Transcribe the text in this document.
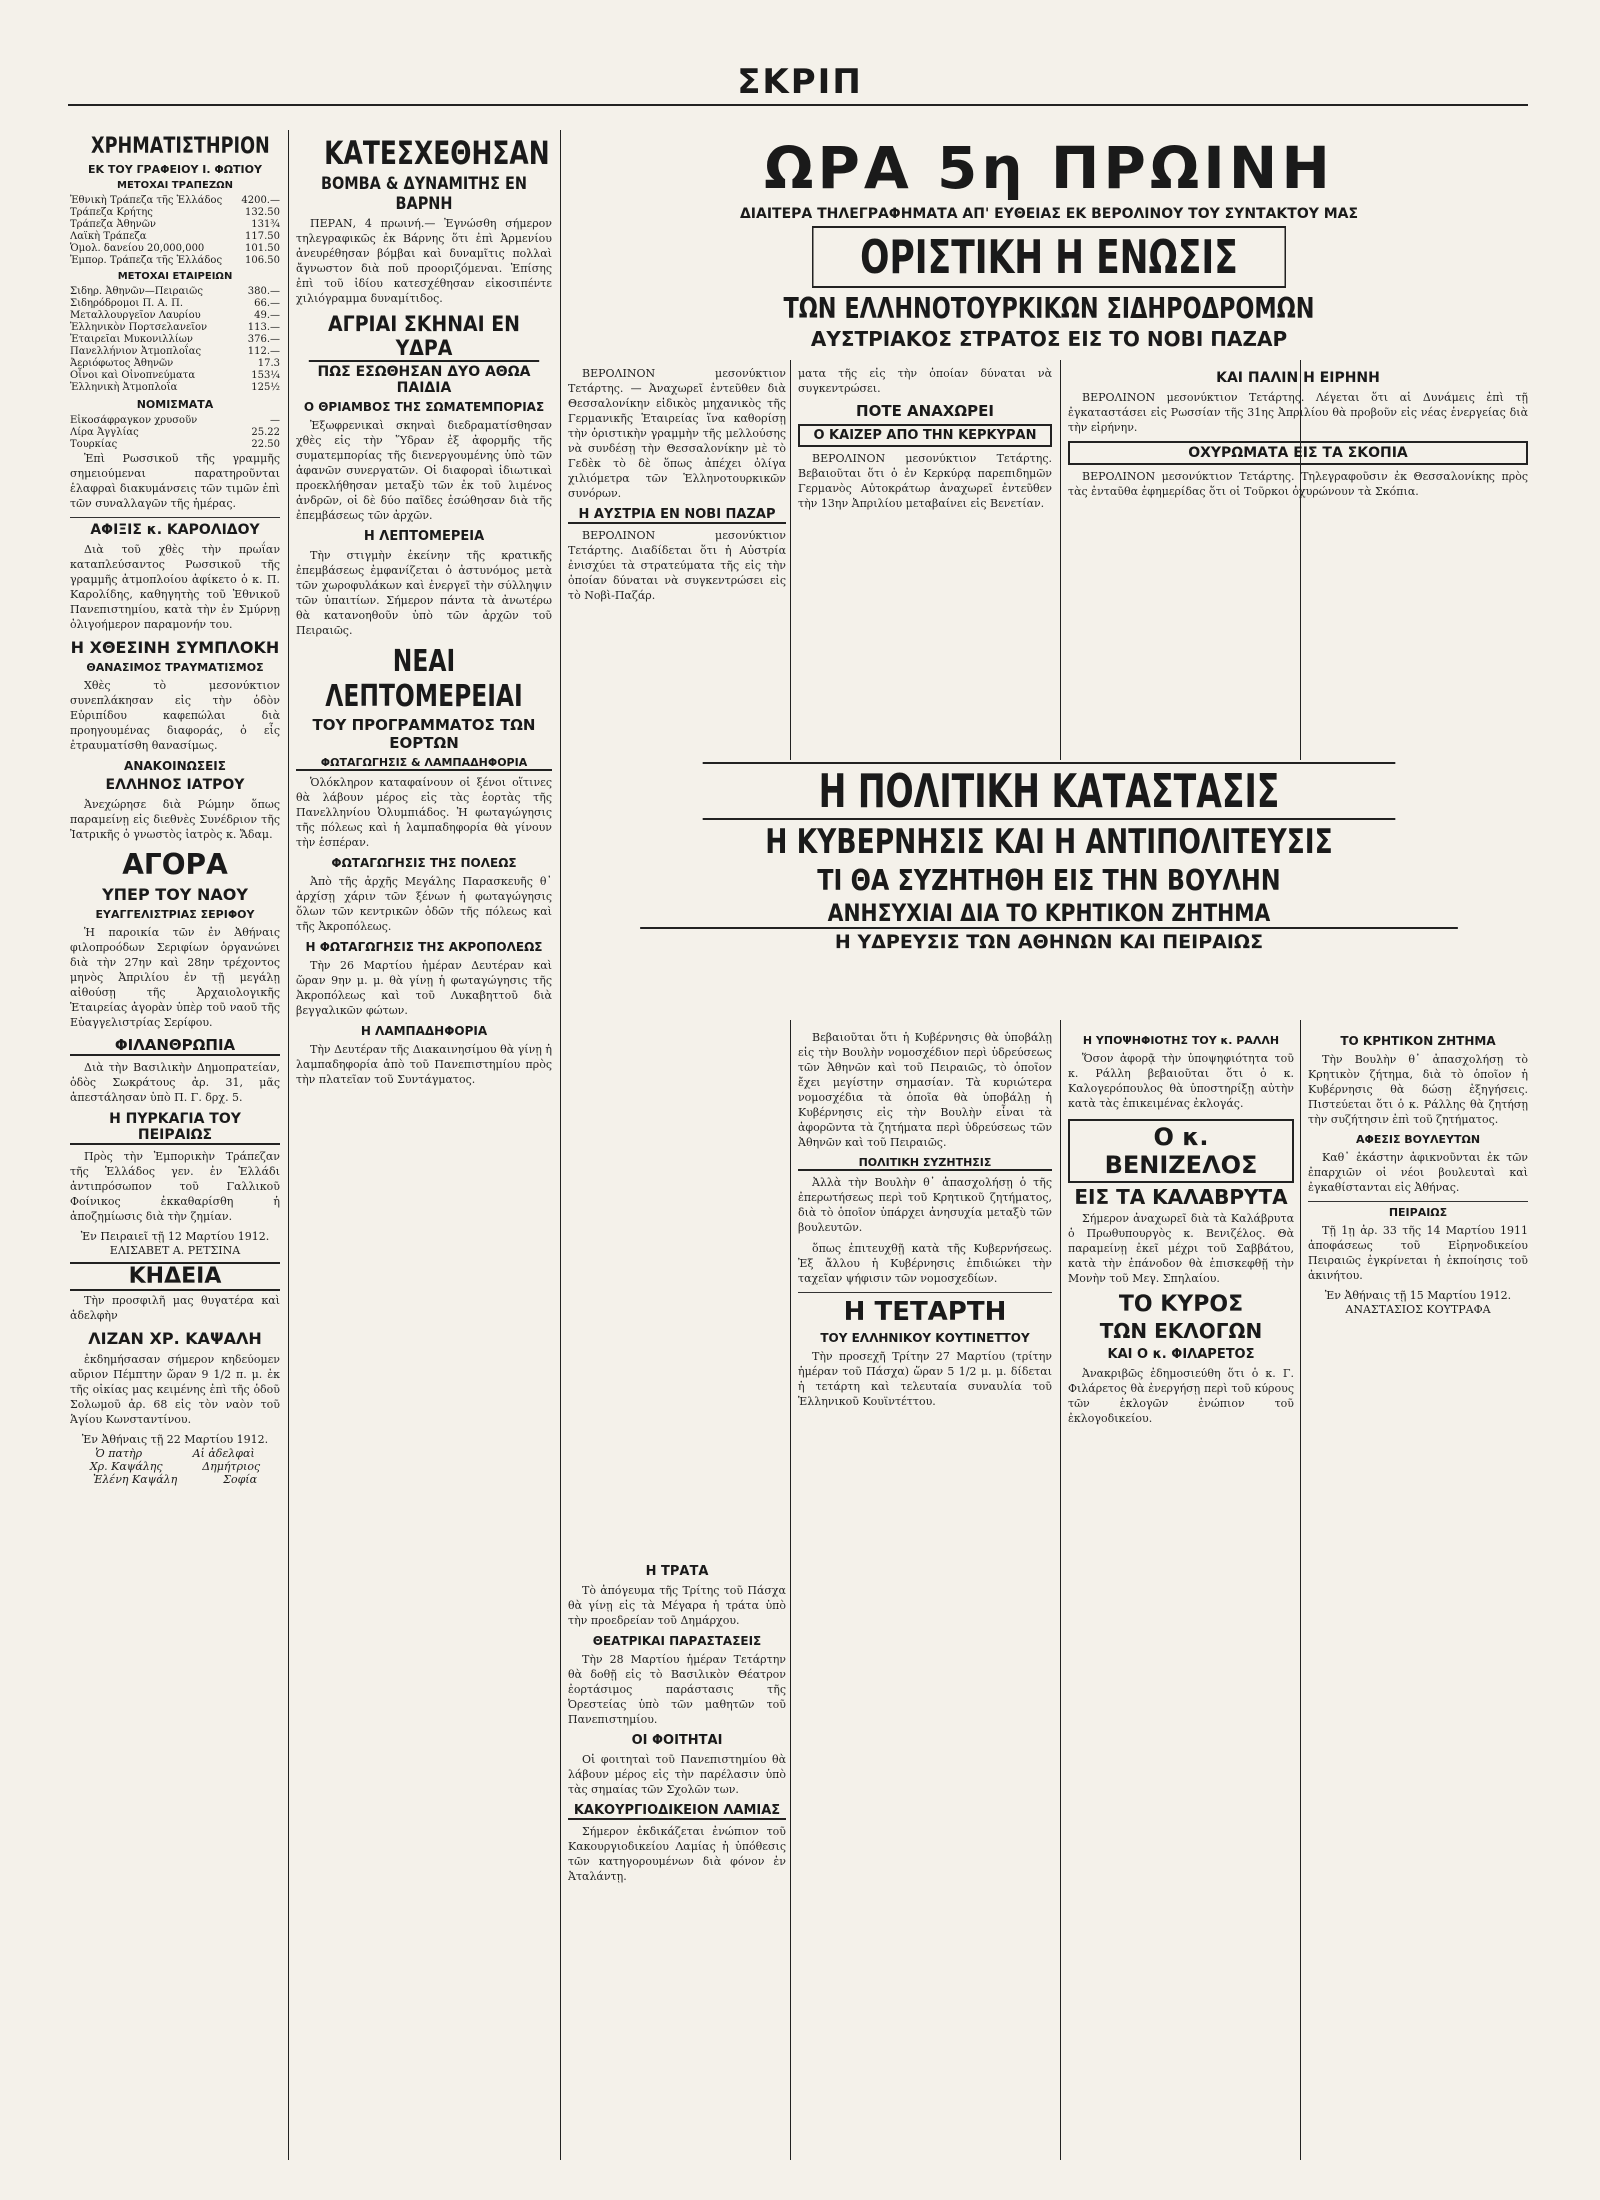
ΣΚΡΙΠ
ΧΡΗΜΑΤΙΣΤΗΡΙΟΝ
ΕΚ ΤΟΥ ΓΡΑΦΕΙΟΥ Ι. ΦΩΤΙΟΥ
ΜΕΤΟΧΑΙ ΤΡΑΠΕΖΩΝ
Ἐθνικὴ Τράπεζα τῆς Ἑλλάδος 4200.—
Τράπεζα Κρήτης	132.50
Τράπεζα Ἀθηνῶν	131¾
Λαϊκὴ Τράπεζα	117.50
Ὁμολ. δανείου 20,000,000	101.50
Ἐμπορ. Τράπεζα τῆς Ἑλλάδος 106.50
ΜΕΤΟΧΑΙ ΕΤΑΙΡΕΙΩΝ
Σιδηρ. Ἀθηνῶν—Πειραιῶς	380.—
Σιδηρόδρομοι Π. Α. Π.	66.—
Μεταλλουργεῖον Λαυρίου	49.—
Ἑλληνικὸν Πορτσελανεῖον	113.—
Ἐταιρεῖαι Μυκονιλλίων	376.—
Πανελλήνιον Ἀτμοπλοΐας	112.—
Ἀεριόφωτος Ἀθηνῶν	17.3
Οἶνοι καὶ Οἰνοπνεύματα	153¼
Ἑλληνικὴ Ἀτμοπλοΐα	125½
ΝΟΜΙΣΜΑΤΑ
Εἰκοσάφραγκον χρυσοῦν	—
Λίρα Ἀγγλίας	25.22
Τουρκίας	22.50

Ἐπὶ Ρωσσικοῦ τῆς γραμμῆς σημειούμεναι παρατηροῦνται ἑλαφραὶ διακυμάνσεις τῶν τιμῶν ἐπὶ τῶν συναλλαγῶν τῆς ἡμέρας.

ΑΦΙΞΙΣ κ. ΚΑΡΟΛΙΔΟΥ

Διὰ τοῦ χθὲς τὴν πρωΐαν καταπλεύσαντος Ρωσσικοῦ τῆς γραμμῆς ἀτμοπλοίου ἀφίκετο ὁ κ. Π. Καρολίδης, καθηγητὴς τοῦ Ἐθνικοῦ Πανεπιστημίου, κατὰ τὴν ἐν Σμύρνῃ ὀλιγοήμερον παραμονήν του.

Η ΧΘΕΣΙΝΗ ΣΥΜΠΛΟΚΗ
ΘΑΝΑΣΙΜΟΣ ΤΡΑΥΜΑΤΙΣΜΟΣ

Χθὲς τὸ μεσονύκτιον συνεπλάκησαν εἰς τὴν ὁδὸν Εὐριπίδου καφεπώλαι διὰ προηγουμένας διαφοράς, ὁ εἷς ἐτραυματίσθη θανασίμως.

ΑΝΑΚΟΙΝΩΣΕΙΣ
ΕΛΛΗΝΟΣ ΙΑΤΡΟΥ

Ἀνεχώρησε διὰ Ρώμην ὅπως παραμείνῃ εἰς διεθνὲς Συνέδριον τῆς Ἰατρικῆς ὁ γνωστὸς ἰατρὸς κ. Ἄδαμ.

ΑΓΟΡΑ
ΥΠΕΡ ΤΟΥ ΝΑΟΥ
ΕΥΑΓΓΕΛΙΣΤΡΙΑΣ ΣΕΡΙΦΟΥ

Ἡ παροικία τῶν ἐν Ἀθήναις φιλοπροόδων Σεριφίων ὀργανώνει διὰ τὴν 27ην καὶ 28ην τρέχοντος μηνὸς Ἀπριλίου ἐν τῇ μεγάλῃ αἰθούσῃ τῆς Ἀρχαιολογικῆς Ἑταιρείας ἀγορὰν ὑπὲρ τοῦ ναοῦ τῆς Εὐαγγελιστρίας Σερίφου.

ΦΙΛΑΝΘΡΩΠΙΑ

Διὰ τὴν Βασιλικὴν Δημοπρατείαν, ὁδὸς Σωκράτους ἀρ. 31, μᾶς ἀπεστάλησαν ὑπὸ Π. Γ. δρχ. 5.

Η ΠΥΡΚΑΓΙΑ ΤΟΥ ΠΕΙΡΑΙΩΣ

Πρὸς τὴν Ἐμπορικὴν Τράπεζαν τῆς Ἑλλάδος γεν. ἐν Ἑλλάδι ἀντιπρόσωπον τοῦ Γαλλικοῦ Φοίνικος ἐκκαθαρίσθη ἡ ἀποζημίωσις διὰ τὴν ζημίαν.

Ἐν Πειραιεῖ τῇ 12 Μαρτίου 1912.
ΕΛΙΣΑΒΕΤ Α. ΡΕΤΣΙΝΑ
ΚΗΔΕΙΑ

Τὴν προσφιλῆ μας θυγατέρα καὶ ἀδελφὴν

ΛΙΖΑΝ ΧΡ. ΚΑΨΑΛΗ

ἐκδημήσασαν σήμερον κηδεύομεν αὔριον Πέμπτην ὥραν 9 1/2 π. μ. ἐκ τῆς οἰκίας μας κειμένης ἐπὶ τῆς ὁδοῦ Σολωμοῦ ἀρ. 68 εἰς τὸν ναὸν τοῦ Ἁγίου Κωνσταντίνου.

Ἐν Ἀθήναις τῇ 22 Μαρτίου 1912.
Ὁ πατὴρ	Αἱ ἀδελφαὶ
Χρ. Καψάλης	Δημήτριος
Ἐλένη Καψάλη	Σοφία
ΚΑΤΕΣΧΕΘΗΣΑΝ
ΒΟΜΒΑ & ΔΥΝΑΜΙΤΗΣ ΕΝ ΒΑΡΝΗ

ΠΕΡΑΝ, 4 πρωινή.— Ἐγνώσθη σήμερον τηλεγραφικῶς ἐκ Βάρνης ὅτι ἐπὶ Ἀρμενίου ἀνευρέθησαν βόμβαι καὶ δυναμῖτις πολλαὶ ἄγνωστον διὰ ποῦ προοριζόμεναι. Ἐπίσης ἐπὶ τοῦ ἰδίου κατεσχέθησαν εἰκοσιπέντε χιλιόγραμμα δυναμίτιδος.

ΑΓΡΙΑΙ ΣΚΗΝΑΙ ΕΝ ΥΔΡΑ
ΠΩΣ ΕΣΩΘΗΣΑΝ ΔΥΟ ΑΘΩΑ ΠΑΙΔΙΑ
Ο ΘΡΙΑΜΒΟΣ ΤΗΣ ΣΩΜΑΤΕΜΠΟΡΙΑΣ

Ἐξωφρενικαὶ σκηναὶ διεδραματίσθησαν χθὲς εἰς τὴν Ὕδραν ἐξ ἀφορμῆς τῆς συματεμπορίας τῆς διενεργουμένης ὑπὸ τῶν ἀφανῶν συνεργατῶν. Οἱ διαφοραὶ ἰδιωτικαὶ προεκλήθησαν μεταξὺ τῶν ἐκ τοῦ λιμένος ἀνδρῶν, οἱ δὲ δύο παῖδες ἐσώθησαν διὰ τῆς ἐπεμβάσεως τῶν ἀρχῶν.

Η ΛΕΠΤΟΜΕΡΕΙΑ

Τὴν στιγμὴν ἐκείνην τῆς κρατικῆς ἐπεμβάσεως ἐμφανίζεται ὁ ἀστυνόμος μετὰ τῶν χωροφυλάκων καὶ ἐνεργεῖ τὴν σύλληψιν τῶν ὑπαιτίων. Σήμερον πάντα τὰ ἀνωτέρω θὰ κατανοηθοῦν ὑπὸ τῶν ἀρχῶν τοῦ Πειραιῶς.

ΝΕΑΙ ΛΕΠΤΟΜΕΡΕΙΑΙ
ΤΟΥ ΠΡΟΓΡΑΜΜΑΤΟΣ ΤΩΝ ΕΟΡΤΩΝ
ΦΩΤΑΓΩΓΗΣΙΣ & ΛΑΜΠΑΔΗΦΟΡΙΑ

Ὁλόκληρον καταφαίνουν οἱ ξένοι οἵτινες θὰ λάβουν μέρος εἰς τὰς ἑορτὰς τῆς Πανελληνίου Ὀλυμπιάδος. Ἡ φωταγώγησις τῆς πόλεως καὶ ἡ λαμπαδηφορία θὰ γίνουν τὴν ἑσπέραν.

ΦΩΤΑΓΩΓΗΣΙΣ ΤΗΣ ΠΟΛΕΩΣ

Ἀπὸ τῆς ἀρχῆς Μεγάλης Παρασκευῆς θ᾽ ἀρχίσῃ χάριν τῶν ξένων ἡ φωταγώγησις ὅλων τῶν κεντρικῶν ὁδῶν τῆς πόλεως καὶ τῆς Ἀκροπόλεως.

Η ΦΩΤΑΓΩΓΗΣΙΣ ΤΗΣ ΑΚΡΟΠΟΛΕΩΣ

Τὴν 26 Μαρτίου ἡμέραν Δευτέραν καὶ ὥραν 9ην μ. μ. θὰ γίνῃ ἡ φωταγώγησις τῆς Ἀκροπόλεως καὶ τοῦ Λυκαβηττοῦ διὰ βεγγαλικῶν φώτων.

Η ΛΑΜΠΑΔΗΦΟΡΙΑ

Τὴν Δευτέραν τῆς Διακαινησίμου θὰ γίνῃ ἡ λαμπαδηφορία ἀπὸ τοῦ Πανεπιστημίου πρὸς τὴν πλατεῖαν τοῦ Συντάγματος.

Η ΤΡΑΤΑ

Τὸ ἀπόγευμα τῆς Τρίτης τοῦ Πάσχα θὰ γίνῃ εἰς τὰ Μέγαρα ἡ τράτα ὑπὸ τὴν προεδρείαν τοῦ Δημάρχου.

ΘΕΑΤΡΙΚΑΙ ΠΑΡΑΣΤΑΣΕΙΣ

Τὴν 28 Μαρτίου ἡμέραν Τετάρτην θὰ δοθῇ εἰς τὸ Βασιλικὸν Θέατρον ἐορτάσιμος παράστασις τῆς Ὀρεστείας ὑπὸ τῶν μαθητῶν τοῦ Πανεπιστημίου.

ΟΙ ΦΟΙΤΗΤΑΙ

Οἱ φοιτηταὶ τοῦ Πανεπιστημίου θὰ λάβουν μέρος εἰς τὴν παρέλασιν ὑπὸ τὰς σημαίας τῶν Σχολῶν των.

ΚΑΚΟΥΡΓΙΟΔΙΚΕΙΟΝ ΛΑΜΙΑΣ

Σήμερον ἐκδικάζεται ἐνώπιον τοῦ Κακουργιοδικείου Λαμίας ἡ ὑπόθεσις τῶν κατηγορουμένων διὰ φόνον ἐν Ἀταλάντῃ.

ΩΡΑ 5η ΠΡΩΙΝΗ
ΔΙΑΙΤΕΡΑ ΤΗΛΕΓΡΑΦΗΜΑΤΑ ΑΠ' ΕΥΘΕΙΑΣ ΕΚ ΒΕΡΟΛΙΝΟΥ ΤΟΥ ΣΥΝΤΑΚΤΟΥ ΜΑΣ
ΟΡΙΣΤΙΚΗ Η ΕΝΩΣΙΣ
ΤΩΝ ΕΛΛΗΝΟΤΟΥΡΚΙΚΩΝ ΣΙΔΗΡΟΔΡΟΜΩΝ
ΑΥΣΤΡΙΑΚΟΣ ΣΤΡΑΤΟΣ ΕΙΣ ΤΟ ΝΟΒΙ ΠΑΖΑΡ

ΒΕΡΟΛΙΝΟΝ μεσονύκτιον Τετάρτης. — Ἀναχωρεῖ ἐντεῦθεν διὰ Θεσσαλονίκην εἰδικὸς μηχανικὸς τῆς Γερμανικῆς Ἑταιρείας ἵνα καθορίσῃ τὴν ὁριστικὴν γραμμὴν τῆς μελλούσης νὰ συνδέσῃ τὴν Θεσσαλονίκην μὲ τὸ Γεδὲκ τὸ δὲ ὅπως ἀπέχει ὀλίγα χιλιόμετρα τῶν Ἑλληνοτουρκικῶν συνόρων.

Η ΑΥΣΤΡΙΑ ΕΝ ΝΟΒΙ ΠΑΖΑΡ

ΒΕΡΟΛΙΝΟΝ μεσονύκτιον Τετάρτης. Διαδίδεται ὅτι ἡ Αὐστρία ἐνισχύει τὰ στρατεύματα τῆς εἰς τὴν ὁποίαν δύναται νὰ συγκεντρώσει εἰς τὸ Νοβὶ-Παζάρ.

ματα τῆς εἰς τὴν ὁποίαν δύναται νὰ συγκεντρώσει.

ΠΟΤΕ ΑΝΑΧΩΡΕΙ
Ο ΚΑΙΖΕΡ ΑΠΟ ΤΗΝ ΚΕΡΚΥΡΑΝ

ΒΕΡΟΛΙΝΟΝ μεσονύκτιον Τετάρτης. Βεβαιοῦται ὅτι ὁ ἐν Κερκύρᾳ παρεπιδημῶν Γερμανὸς Αὐτοκράτωρ ἀναχωρεῖ ἐντεῦθεν τὴν 13ην Ἀπριλίου μεταβαίνει εἰς Βενετίαν.

ΚΑΙ ΠΑΛΙΝ Η ΕΙΡΗΝΗ

ΒΕΡΟΛΙΝΟΝ μεσονύκτιον Τετάρτης. Λέγεται ὅτι αἱ Δυνάμεις ἐπὶ τῇ ἐγκαταστάσει εἰς Ρωσσίαν τῆς 31ης Ἀπριλίου θὰ προβοῦν εἰς νέας ἐνεργείας διὰ τὴν εἰρήνην.

ΟΧΥΡΩΜΑΤΑ ΕΙΣ ΤΑ ΣΚΟΠΙΑ

ΒΕΡΟΛΙΝΟΝ μεσονύκτιον Τετάρτης. Τηλεγραφοῦσιν ἐκ Θεσσαλονίκης πρὸς τὰς ἐνταῦθα ἐφημερίδας ὅτι οἱ Τοῦρκοι ὀχυρώνουν τὰ Σκόπια.

Η ΠΟΛΙΤΙΚΗ ΚΑΤΑΣΤΑΣΙΣ
Η ΚΥΒΕΡΝΗΣΙΣ ΚΑΙ Η ΑΝΤΙΠΟΛΙΤΕΥΣΙΣ
ΤΙ ΘΑ ΣΥΖΗΤΗΘΗ ΕΙΣ ΤΗΝ ΒΟΥΛΗΝ
ΑΝΗΣΥΧΙΑΙ ΔΙΑ ΤΟ ΚΡΗΤΙΚΟΝ ΖΗΤΗΜΑ
Η ΥΔΡΕΥΣΙΣ ΤΩΝ ΑΘΗΝΩΝ ΚΑΙ ΠΕΙΡΑΙΩΣ

Βεβαιοῦται ὅτι ἡ Κυβέρνησις θὰ ὑποβάλῃ εἰς τὴν Βουλὴν νομοσχέδιον περὶ ὑδρεύσεως τῶν Ἀθηνῶν καὶ τοῦ Πειραιῶς, τὸ ὁποῖον ἔχει μεγίστην σημασίαν. Τὰ κυριώτερα νομοσχέδια τὰ ὁποῖα θὰ ὑποβάλῃ ἡ Κυβέρνησις εἰς τὴν Βουλὴν εἶναι τὰ ἀφορῶντα τὰ ζητήματα περὶ ὑδρεύσεως τῶν Ἀθηνῶν καὶ τοῦ Πειραιῶς.

ΠΟΛΙΤΙΚΗ ΣΥΖΗΤΗΣΙΣ

Ἀλλὰ τὴν Βουλὴν θ᾽ ἀπασχολήσῃ ὁ τῆς ἐπερωτήσεως περὶ τοῦ Κρητικοῦ ζητήματος, διὰ τὸ ὁποῖον ὑπάρχει ἀνησυχία μεταξὺ τῶν βουλευτῶν.

ὅπως ἐπιτευχθῇ κατὰ τῆς Κυβερνήσεως. Ἐξ ἄλλου ἡ Κυβέρνησις ἐπιδιώκει τὴν ταχεῖαν ψήφισιν τῶν νομοσχεδίων.

Η ΤΕΤΑΡΤΗ
ΤΟΥ ΕΛΛΗΝΙΚΟΥ ΚΟΥΤΙΝΕΤΤΟΥ

Τὴν προσεχῆ Τρίτην 27 Μαρτίου (τρίτην ἡμέραν τοῦ Πάσχα) ὥραν 5 1/2 μ. μ. δίδεται ἡ τετάρτη καὶ τελευταία συναυλία τοῦ Ἑλληνικοῦ Κουϊντέττου.

Η ΥΠΟΨΗΦΙΟΤΗΣ ΤΟΥ κ. ΡΑΛΛΗ

Ὅσον ἀφορᾷ τὴν ὑποψηφιότητα τοῦ κ. Ράλλη βεβαιοῦται ὅτι ὁ κ. Καλογερόπουλος θὰ ὑποστηρίξῃ αὐτὴν κατὰ τὰς ἐπικειμένας ἐκλογάς.

Ο κ. ΒΕΝΙΖΕΛΟΣ
ΕΙΣ ΤΑ ΚΑΛΑΒΡΥΤΑ

Σήμερον ἀναχωρεῖ διὰ τὰ Καλάβρυτα ὁ Πρωθυπουργὸς κ. Βενιζέλος. Θὰ παραμείνῃ ἐκεῖ μέχρι τοῦ Σαββάτου, κατὰ τὴν ἐπάνοδον θὰ ἐπισκεφθῇ τὴν Μονὴν τοῦ Μεγ. Σπηλαίου.

ΤΟ ΚΥΡΟΣ
ΤΩΝ ΕΚΛΟΓΩΝ
ΚΑΙ Ο κ. ΦΙΛΑΡΕΤΟΣ

Ἀνακριβῶς ἐδημοσιεύθη ὅτι ὁ κ. Γ. Φιλάρετος θὰ ἐνεργήσῃ περὶ τοῦ κύρους τῶν ἐκλογῶν ἐνώπιον τοῦ ἐκλογοδικείου.

ΤΟ ΚΡΗΤΙΚΟΝ ΖΗΤΗΜΑ

Τὴν Βουλὴν θ᾽ ἀπασχολήσῃ τὸ Κρητικὸν ζήτημα, διὰ τὸ ὁποῖον ἡ Κυβέρνησις θὰ δώσῃ ἐξηγήσεις. Πιστεύεται ὅτι ὁ κ. Ράλλης θὰ ζητήσῃ τὴν συζήτησιν ἐπὶ τοῦ ζητήματος.

ΑΦΕΣΙΣ ΒΟΥΛΕΥΤΩΝ

Καθ᾽ ἑκάστην ἀφικνοῦνται ἐκ τῶν ἐπαρχιῶν οἱ νέοι βουλευταὶ καὶ ἐγκαθίστανται εἰς Ἀθήνας.

ΠΕΙΡΑΙΩΣ

Τῇ 1ῃ ἀρ. 33 τῆς 14 Μαρτίου 1911 ἀποφάσεως τοῦ Εἰρηνοδικείου Πειραιῶς ἐγκρίνεται ἡ ἐκποίησις τοῦ ἀκινήτου.

Ἐν Ἀθήναις τῇ 15 Μαρτίου 1912.
ΑΝΑΣΤΑΣΙΟΣ ΚΟΥΤΡΑΦΑ
